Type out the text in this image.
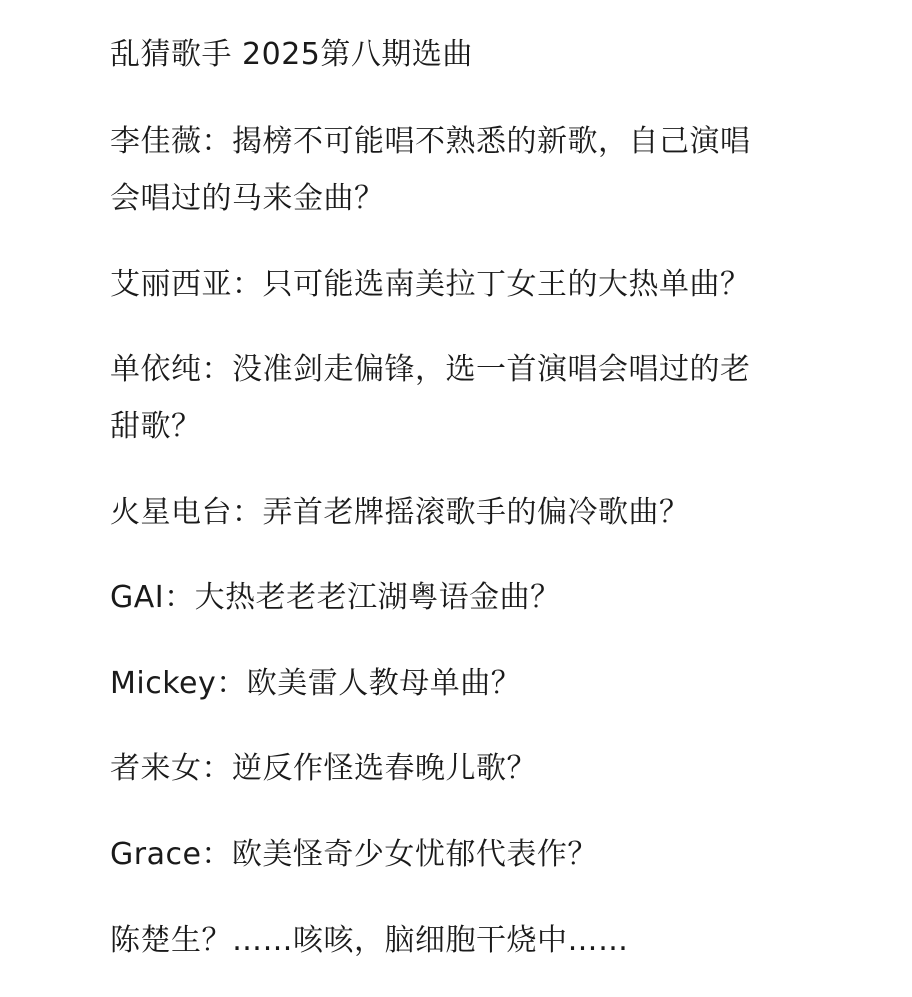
乱猜歌手 2025第八期选曲
李佳薇：揭榜不可能唱不熟悉的新歌，自己演唱
会唱过的马来金曲？
艾丽西亚：只可能选南美拉丁女王的大热单曲？
单依纯：没准剑走偏锋，选一首演唱会唱过的老
甜歌？
火星电台：弄首老牌摇滚歌手的偏冷歌曲？
GAI：大热老老老江湖粤语金曲？
Mickey：欧美雷人教母单曲？
者来女：逆反作怪选春晚儿歌？
Grace：欧美怪奇少女忧郁代表作？
陈楚生？……咳咳，脑细胞干烧中……
